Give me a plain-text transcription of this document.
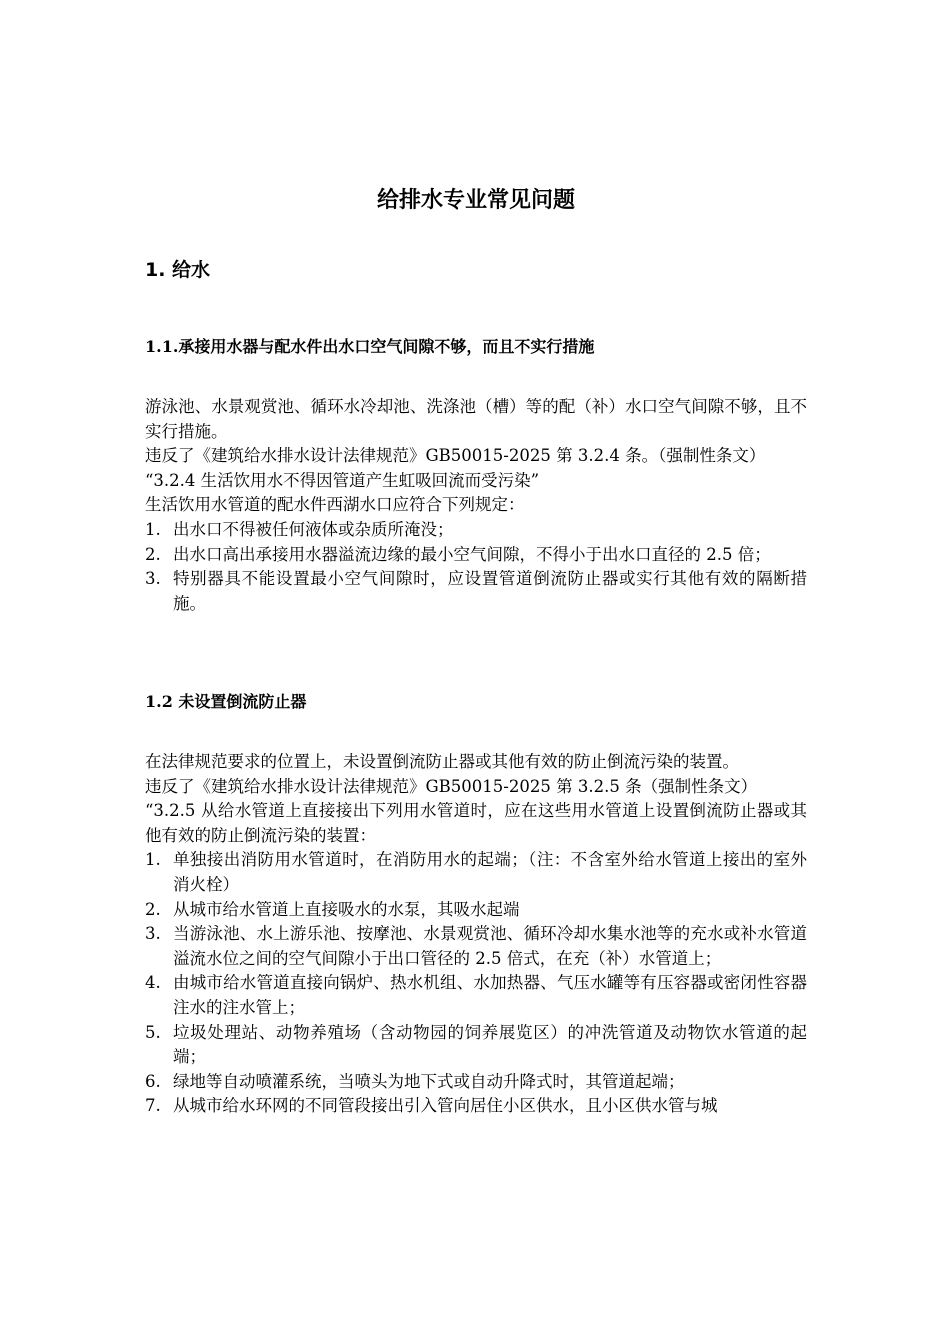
给排水专业常见问题
1. 给水
1.1.承接用水器与配水件出水口空气间隙不够，而且不实行措施

游泳池、水景观赏池、循环水冷却池、洗涤池（槽）等的配（补）水口空气间隙不够，且不实行措施。

违反了《建筑给水排水设计法律规范》GB50015-2025 第 3.2.4 条。（强制性条文）

“3.2.4 生活饮用水不得因管道产生虹吸回流而受污染”

生活饮用水管道的配水件西湖水口应符合下列规定：

1. 出水口不得被任何液体或杂质所淹没；
2. 出水口高出承接用水器溢流边缘的最小空气间隙，不得小于出水口直径的 2.5 倍；
3. 特别器具不能设置最小空气间隙时，应设置管道倒流防止器或实行其他有效的隔断措施。
1.2 未设置倒流防止器

在法律规范要求的位置上，未设置倒流防止器或其他有效的防止倒流污染的装置。

违反了《建筑给水排水设计法律规范》GB50015-2025 第 3.2.5 条（强制性条文）

“3.2.5 从给水管道上直接接出下列用水管道时，应在这些用水管道上设置倒流防止器或其他有效的防止倒流污染的装置：

1. 单独接出消防用水管道时，在消防用水的起端；（注：不含室外给水管道上接出的室外消火栓）
2. 从城市给水管道上直接吸水的水泵，其吸水起端
3. 当游泳池、水上游乐池、按摩池、水景观赏池、循环冷却水集水池等的充水或补水管道溢流水位之间的空气间隙小于出口管径的 2.5 倍式，在充（补）水管道上；
4. 由城市给水管道直接向锅炉、热水机组、水加热器、气压水罐等有压容器或密闭性容器注水的注水管上；
5. 垃圾处理站、动物养殖场（含动物园的饲养展览区）的冲洗管道及动物饮水管道的起端；
6. 绿地等自动喷灌系统，当喷头为地下式或自动升降式时，其管道起端；
7. 从城市给水环网的不同管段接出引入管向居住小区供水，且小区供水管与城
